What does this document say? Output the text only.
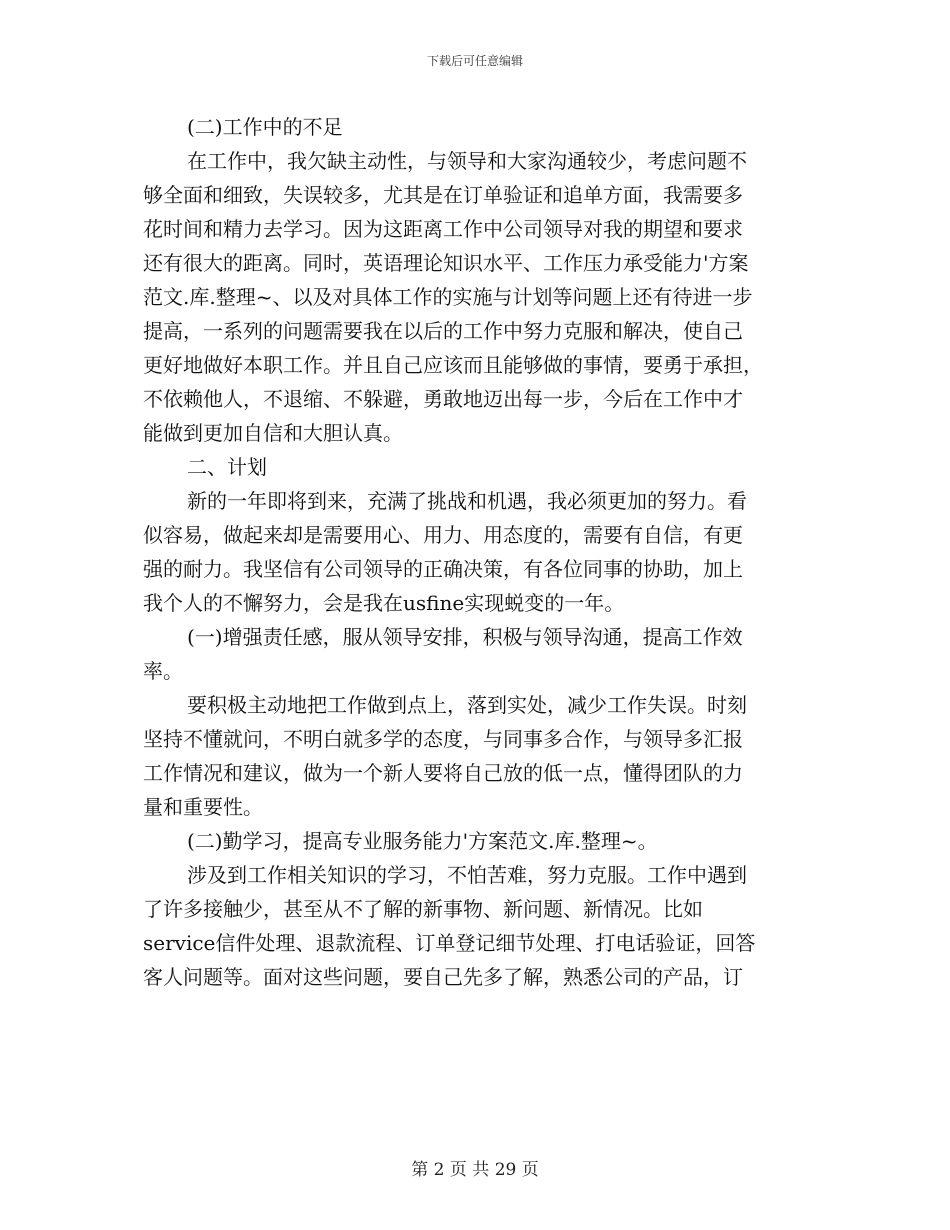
下载后可任意编辑
(二)工作中的不足
在工作中，我欠缺主动性，与领导和大家沟通较少，考虑问题不
够全面和细致，失误较多，尤其是在订单验证和追单方面，我需要多
花时间和精力去学习。因为这距离工作中公司领导对我的期望和要求
还有很大的距离。同时，英语理论知识水平、工作压力承受能力'方案
范文.库.整理~、以及对具体工作的实施与计划等问题上还有待进一步
提高，一系列的问题需要我在以后的工作中努力克服和解决，使自己
更好地做好本职工作。并且自己应该而且能够做的事情，要勇于承担，
不依赖他人，不退缩、不躲避，勇敢地迈出每一步，今后在工作中才
能做到更加自信和大胆认真。
二、计划
新的一年即将到来，充满了挑战和机遇，我必须更加的努力。看
似容易，做起来却是需要用心、用力、用态度的，需要有自信，有更
强的耐力。我坚信有公司领导的正确决策，有各位同事的协助，加上
我个人的不懈努力，会是我在usfine实现蜕变的一年。
(一)增强责任感，服从领导安排，积极与领导沟通，提高工作效
率。
要积极主动地把工作做到点上，落到实处，减少工作失误。时刻
坚持不懂就问，不明白就多学的态度，与同事多合作，与领导多汇报
工作情况和建议，做为一个新人要将自己放的低一点，懂得团队的力
量和重要性。
(二)勤学习，提高专业服务能力'方案范文.库.整理~。
涉及到工作相关知识的学习，不怕苦难，努力克服。工作中遇到
了许多接触少，甚至从不了解的新事物、新问题、新情况。比如
service信件处理、退款流程、订单登记细节处理、打电话验证，回答
客人问题等。面对这些问题，要自己先多了解，熟悉公司的产品，订
第 2 页 共 29 页
